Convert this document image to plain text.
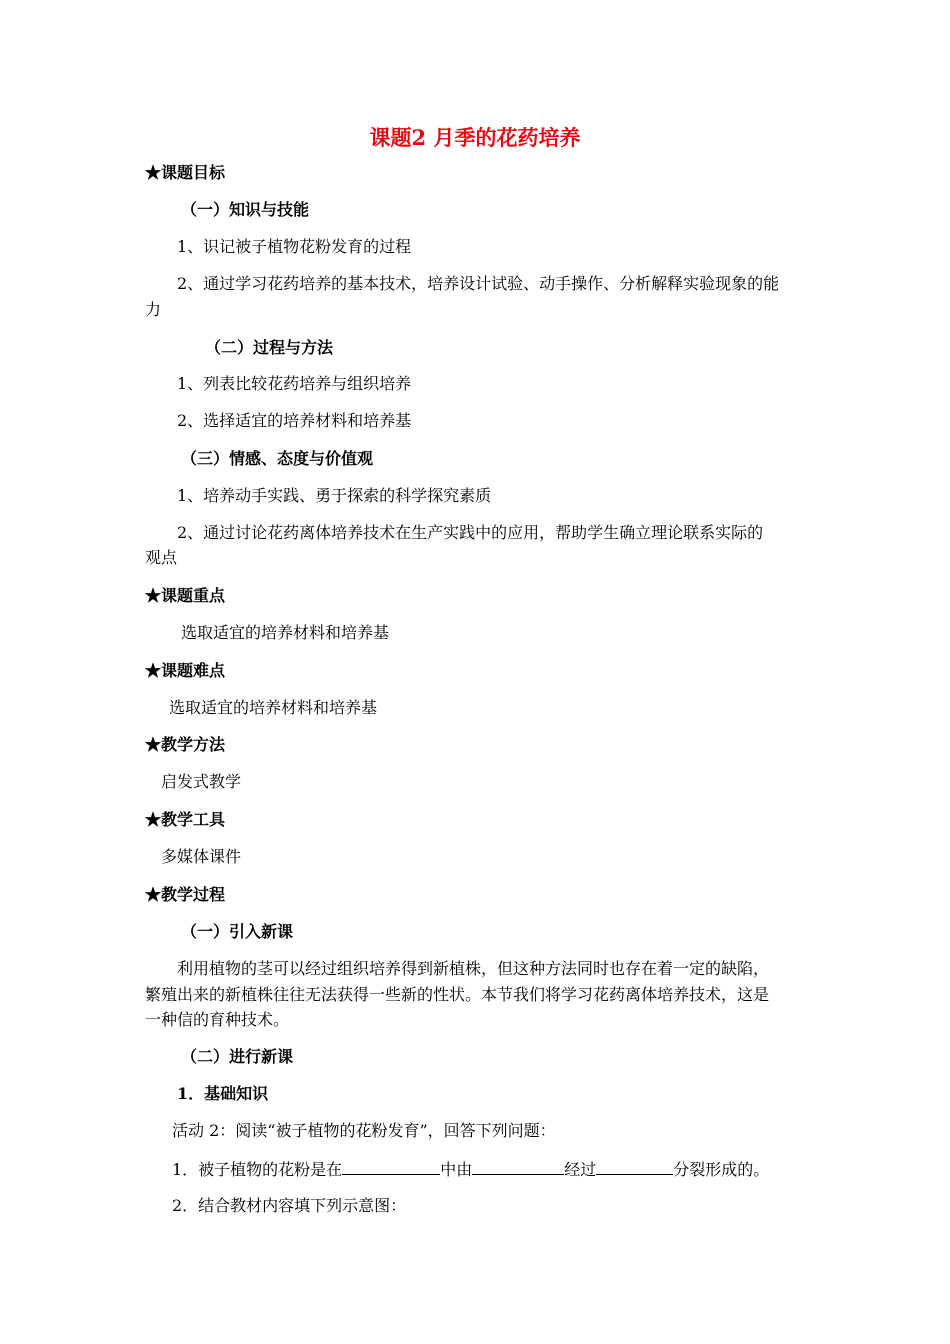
课题2 月季的花药培养
★课题目标
（一）知识与技能
1、识记被子植物花粉发育的过程
2、通过学习花药培养的基本技术，培养设计试验、动手操作、分析解释实验现象的能
力
（二）过程与方法
1、列表比较花药培养与组织培养
2、选择适宜的培养材料和培养基
（三）情感、态度与价值观
1、培养动手实践、勇于探索的科学探究素质
2、通过讨论花药离体培养技术在生产实践中的应用，帮助学生确立理论联系实际的
观点
★课题重点
选取适宜的培养材料和培养基
★课题难点
选取适宜的培养材料和培养基
★教学方法
启发式教学
★教学工具
多媒体课件
★教学过程
（一）引入新课
利用植物的茎可以经过组织培养得到新植株，但这种方法同时也存在着一定的缺陷，
繁殖出来的新植株往往无法获得一些新的性状。本节我们将学习花药离体培养技术，这是
一种信的育种技术。
（二）进行新课
1．基础知识
活动 2：阅读“被子植物的花粉发育”，回答下列问题：
1．被子植物的花粉是在	中由	经过	分裂形成的。
2．结合教材内容填下列示意图：
